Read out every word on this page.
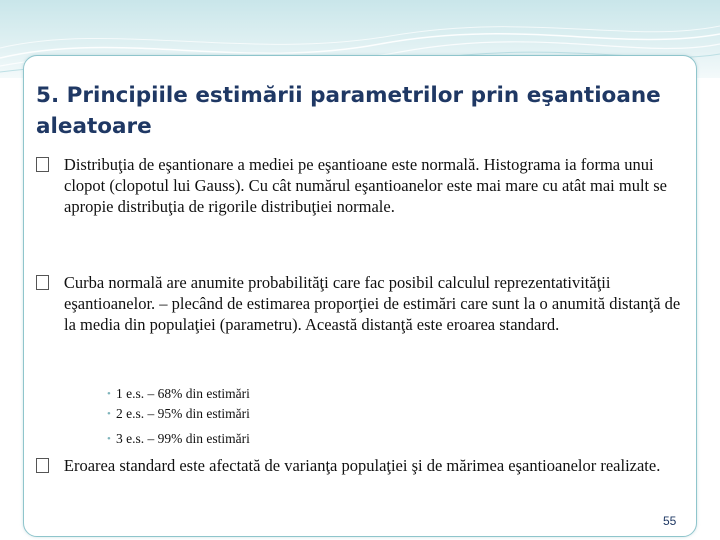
5. Principiile estimării parametrilor prin eşantioane aleatoare
Distribuţia de eşantionare a mediei pe eşantioane este normală. Histograma ia forma unui clopot (clopotul lui Gauss). Cu cât numărul eşantioanelor este mai mare cu atât mai mult se apropie distribuţia de rigorile distribuţiei normale.
Curba normală are anumite probabilităţi care fac posibil calculul reprezentativităţii eşantioanelor. – plecând de estimarea proporţiei de estimări care sunt la o anumită distanţă de la media din populaţiei (parametru). Această distanţă este eroarea standard.
• 1 e.s. – 68% din estimări
• 2 e.s. – 95% din estimări
• 3 e.s. – 99% din estimări
Eroarea standard este afectată de varianţa populaţiei şi de mărimea eşantioanelor realizate.
55
